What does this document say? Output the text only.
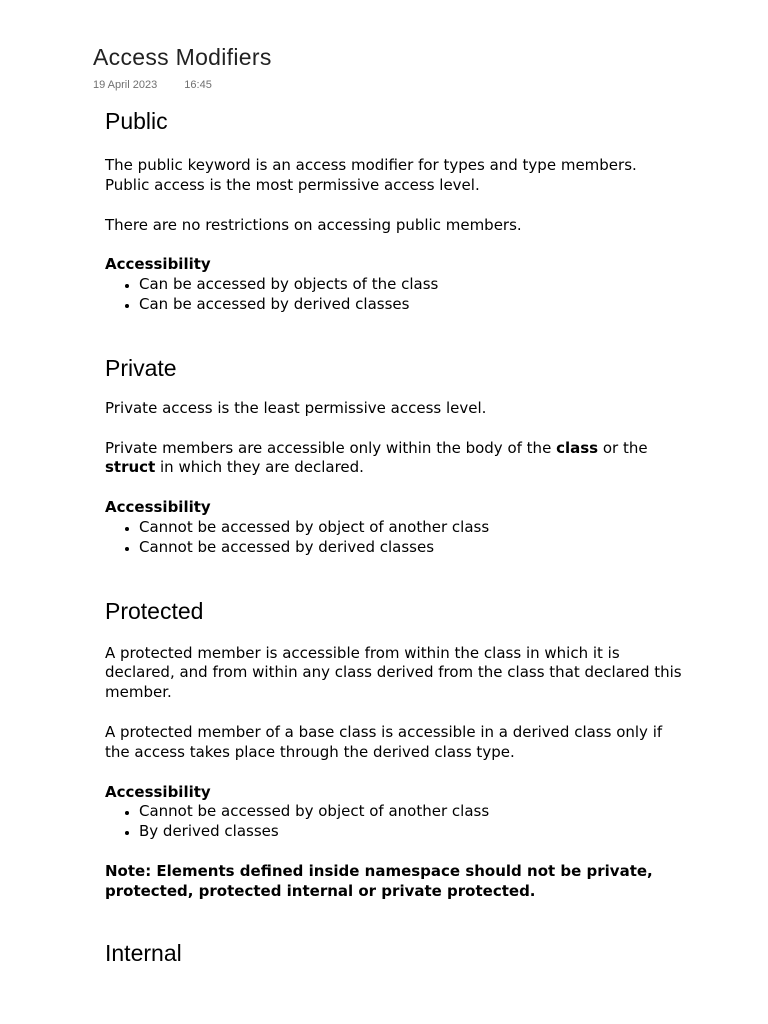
Access Modifiers
19 April 2023 16:45
Public

The public keyword is an access modifier for types and type members. Public access is the most permissive access level.

There are no restrictions on accessing public members.

Accessibility
• Can be accessed by objects of the class
• Can be accessed by derived classes
Private

Private access is the least permissive access level.

Private members are accessible only within the body of the class or the struct in which they are declared.

Accessibility
• Cannot be accessed by object of another class
• Cannot be accessed by derived classes
Protected

A protected member is accessible from within the class in which it is declared, and from within any class derived from the class that declared this member.

A protected member of a base class is accessible in a derived class only if the access takes place through the derived class type.

Accessibility
• Cannot be accessed by object of another class
• By derived classes

Note: Elements defined inside namespace should not be private, protected, protected internal or private protected.

Internal
